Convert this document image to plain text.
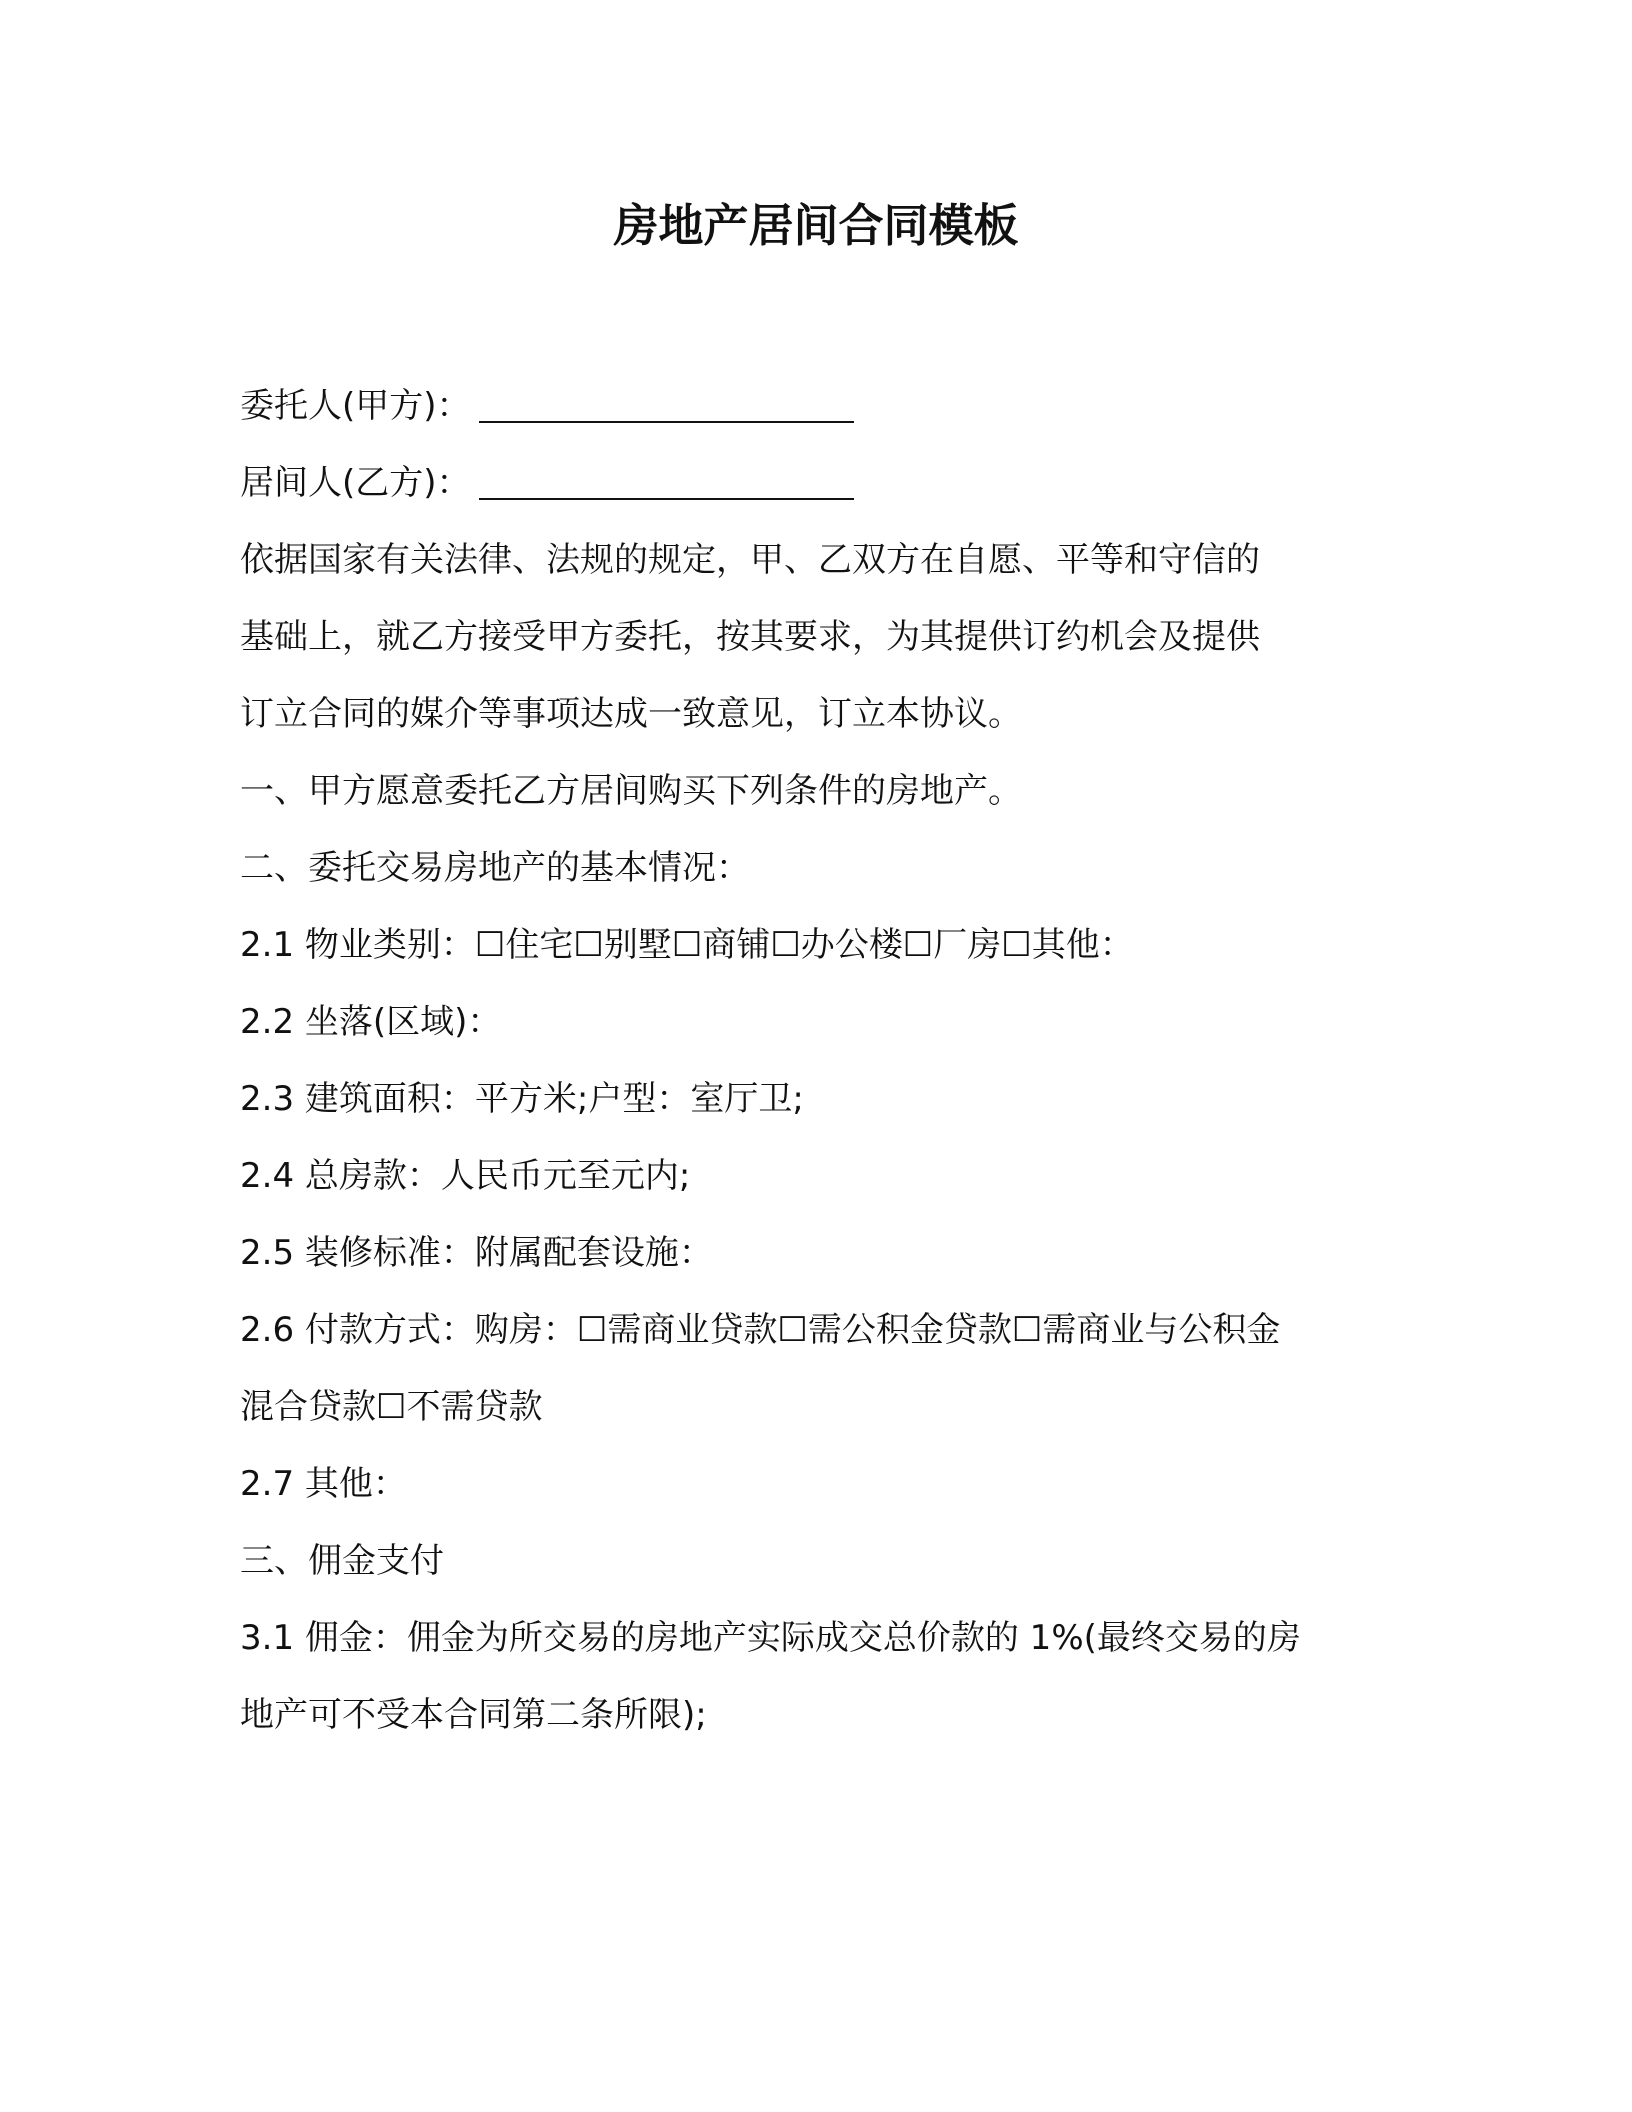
房地产居间合同模板

委托人(甲方)：

居间人(乙方)：

依据国家有关法律、法规的规定，甲、乙双方在自愿、平等和守信的

基础上，就乙方接受甲方委托，按其要求，为其提供订约机会及提供

订立合同的媒介等事项达成一致意见，订立本协议。

一、甲方愿意委托乙方居间购买下列条件的房地产。

二、委托交易房地产的基本情况：

2.1 物业类别：☐住宅☐别墅☐商铺☐办公楼☐厂房☐其他：

2.2 坐落(区域)：

2.3 建筑面积：平方米;户型：室厅卫;

2.4 总房款：人民币元至元内;

2.5 装修标准：附属配套设施：

2.6 付款方式：购房：☐需商业贷款☐需公积金贷款☐需商业与公积金

混合贷款☐不需贷款

2.7 其他：

三、佣金支付

3.1 佣金：佣金为所交易的房地产实际成交总价款的 1%(最终交易的房

地产可不受本合同第二条所限);
